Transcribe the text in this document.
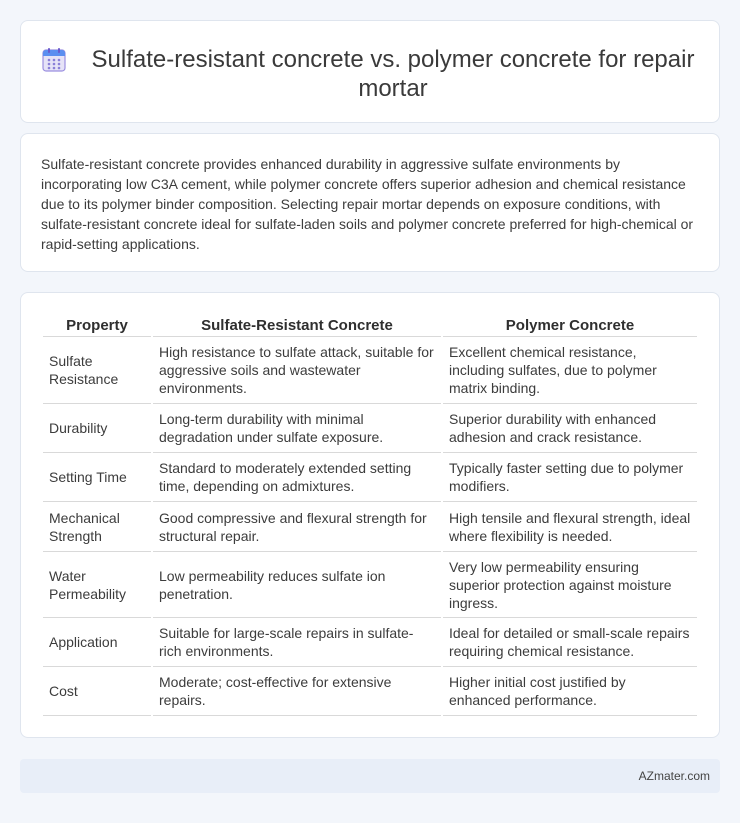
Sulfate-resistant concrete vs. polymer concrete for repair mortar

Sulfate-resistant concrete provides enhanced durability in aggressive sulfate environments by incorporating low C3A cement, while polymer concrete offers superior adhesion and chemical resistance due to its polymer binder composition. Selecting repair mortar depends on exposure conditions, with sulfate-resistant concrete ideal for sulfate-laden soils and polymer concrete preferred for high-chemical or rapid-setting applications.

Property	Sulfate-Resistant Concrete	Polymer Concrete
Sulfate Resistance	High resistance to sulfate attack, suitable for aggressive soils and wastewater environments.	Excellent chemical resistance, including sulfates, due to polymer matrix binding.
Durability	Long-term durability with minimal degradation under sulfate exposure.	Superior durability with enhanced adhesion and crack resistance.
Setting Time	Standard to moderately extended setting time, depending on admixtures.	Typically faster setting due to polymer modifiers.
Mechanical Strength	Good compressive and flexural strength for structural repair.	High tensile and flexural strength, ideal where flexibility is needed.
Water Permeability	Low permeability reduces sulfate ion penetration.	Very low permeability ensuring superior protection against moisture ingress.
Application	Suitable for large-scale repairs in sulfate-rich environments.	Ideal for detailed or small-scale repairs requiring chemical resistance.
Cost	Moderate; cost-effective for extensive repairs.	Higher initial cost justified by enhanced performance.
AZmater.com
